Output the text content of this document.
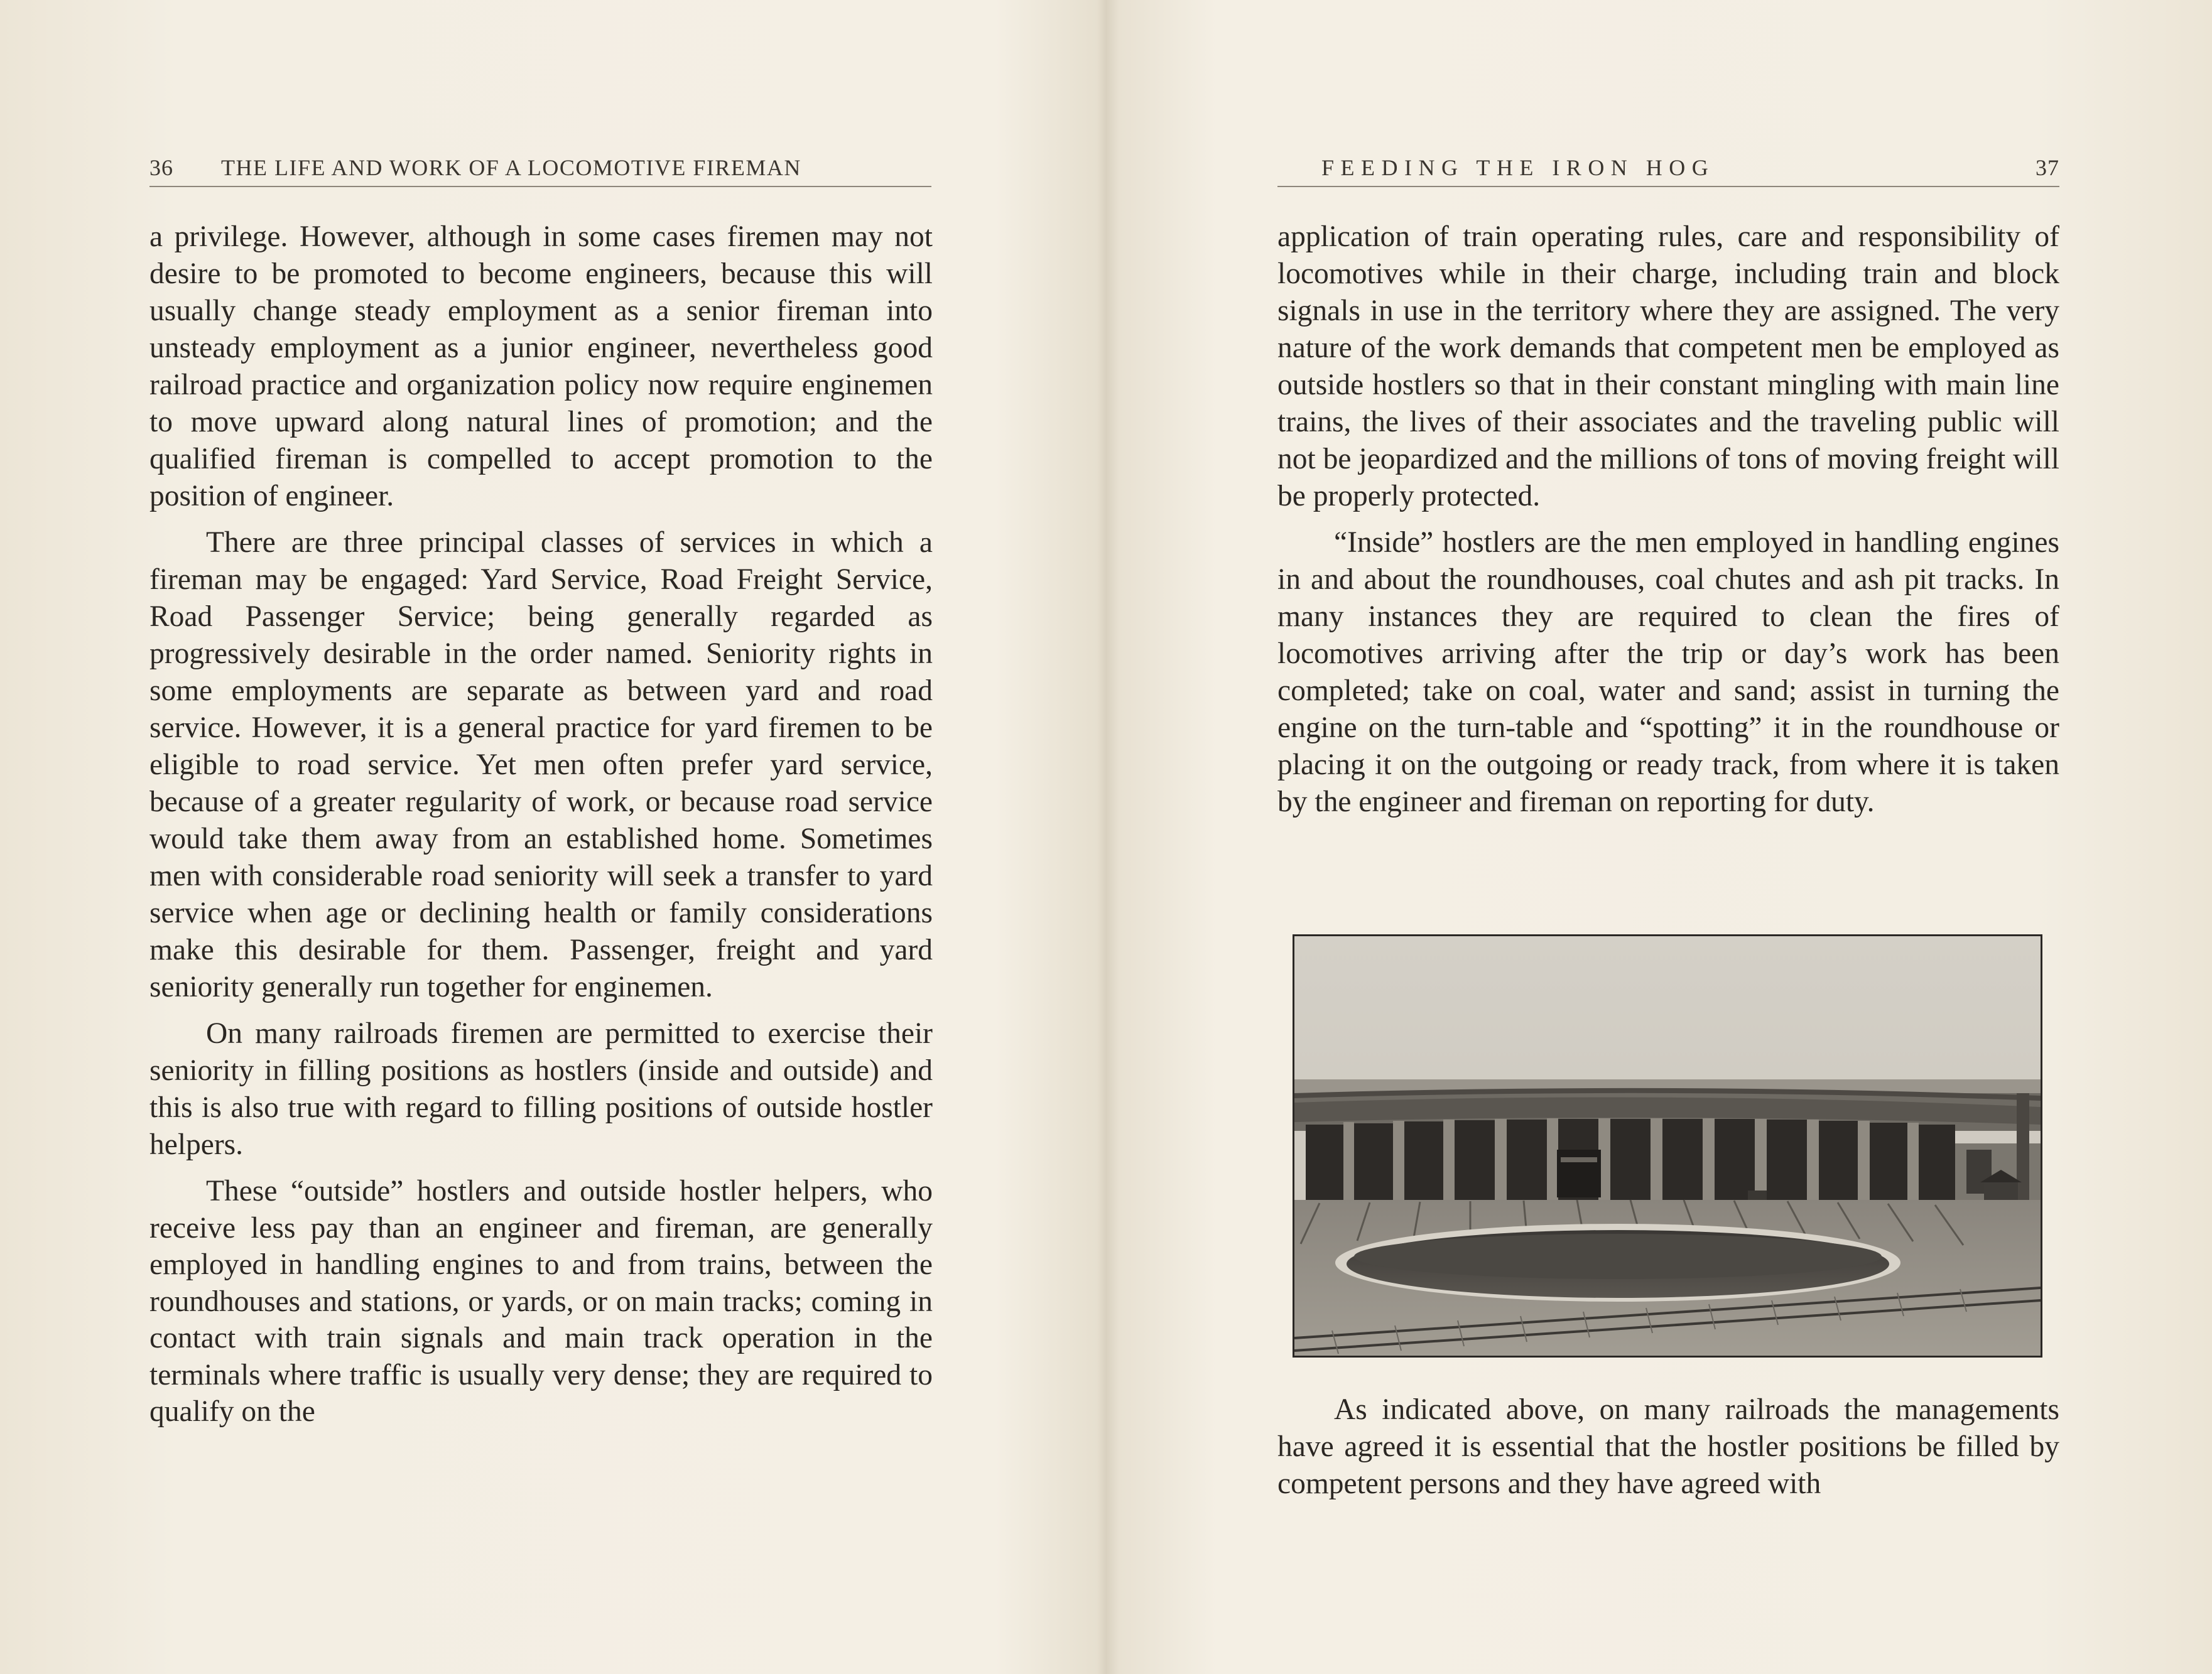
36 THE LIFE AND WORK OF A LOCOMOTIVE FIREMAN

a privilege. However, although in some cases firemen may not desire to be promoted to become engineers, because this will usually change steady employment as a senior fireman into unsteady employment as a junior engineer, nevertheless good railroad practice and organization policy now require enginemen to move upward along natural lines of promotion; and the qualified fireman is compelled to accept promotion to the position of engineer.

There are three principal classes of services in which a fireman may be engaged: Yard Service, Road Freight Service, Road Passenger Service; being generally regarded as progressively desirable in the order named. Seniority rights in some employments are separate as between yard and road service. However, it is a general practice for yard firemen to be eligible to road service. Yet men often prefer yard service, because of a greater regularity of work, or because road service would take them away from an established home. Sometimes men with considerable road seniority will seek a transfer to yard service when age or declining health or family considerations make this desirable for them. Passenger, freight and yard seniority generally run together for enginemen.

On many railroads firemen are permitted to exercise their seniority in filling positions as hostlers (inside and outside) and this is also true with regard to filling positions of outside hostler helpers.

These “outside” hostlers and outside hostler helpers, who receive less pay than an engineer and fireman, are generally employed in handling engines to and from trains, between the roundhouses and stations, or yards, or on main tracks; coming in contact with train signals and main track operation in the terminals where traffic is usually very dense; they are required to qualify on the

FEEDING THE IRON HOG	37

application of train operating rules, care and responsibility of locomotives while in their charge, including train and block signals in use in the territory where they are assigned. The very nature of the work demands that competent men be employed as outside hostlers so that in their constant mingling with main line trains, the lives of their associates and the traveling public will not be jeopardized and the millions of tons of moving freight will be properly protected.

“Inside” hostlers are the men employed in handling engines in and about the roundhouses, coal chutes and ash pit tracks. In many instances they are required to clean the fires of locomotives arriving after the trip or day’s work has been completed; take on coal, water and sand; assist in turning the engine on the turn-table and “spotting” it in the roundhouse or placing it on the outgoing or ready track, from where it is taken by the engineer and fireman on reporting for duty.

As indicated above, on many railroads the managements have agreed it is essential that the hostler positions be filled by competent persons and they have agreed with
